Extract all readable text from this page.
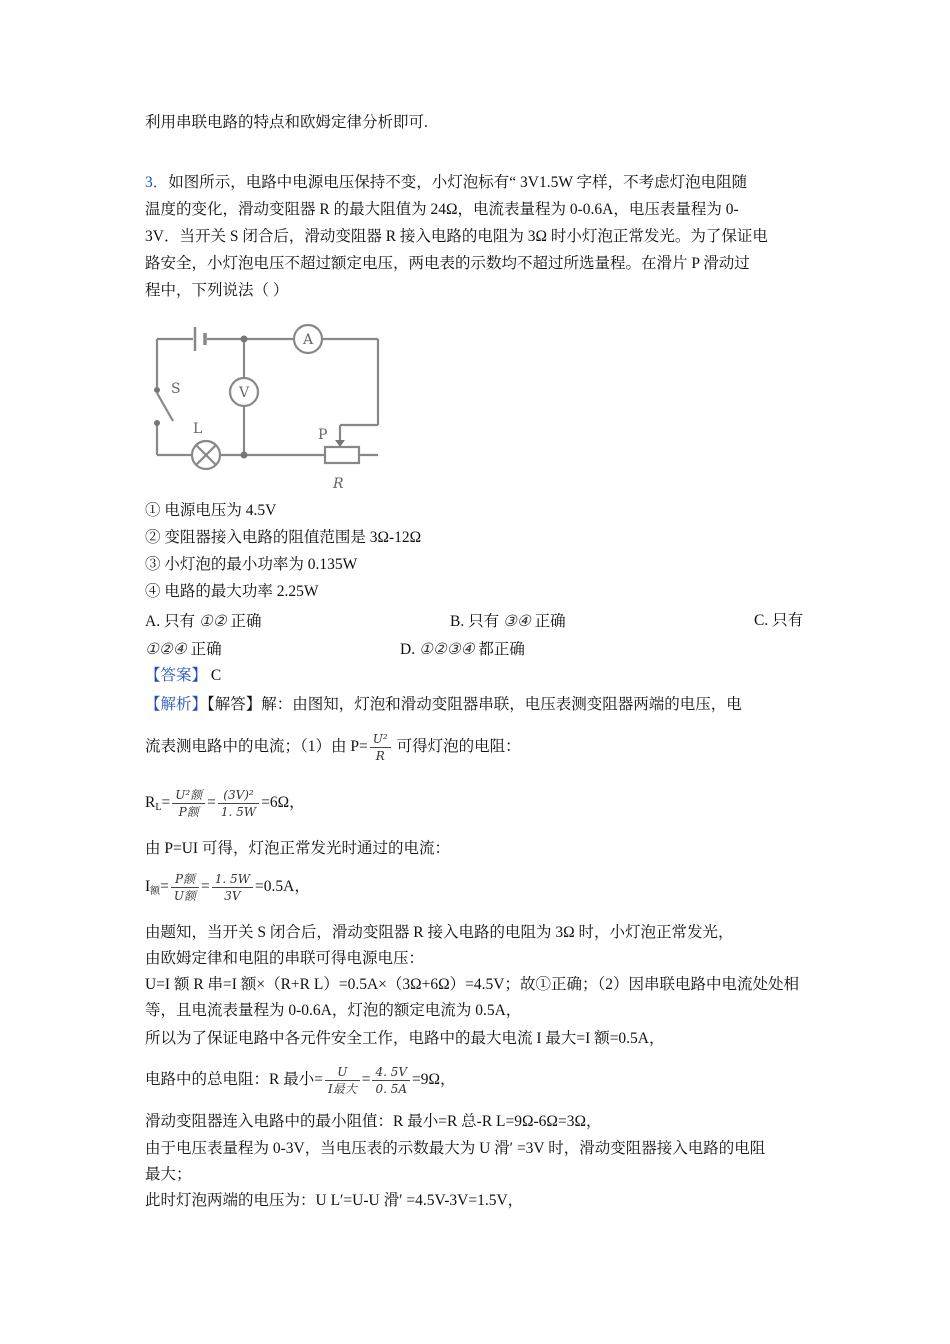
利用串联电路的特点和欧姆定律分析即可.
3．如图所示，电路中电源电压保持不变，小灯泡标有“ 3V1.5W 字样，不考虑灯泡电阻随
温度的变化，滑动变阻器 R 的最大阻值为 24Ω，电流表量程为 0-0.6A，电压表量程为 0-
3V．当开关 S 闭合后，滑动变阻器 R 接入电路的电阻为 3Ω 时小灯泡正常发光。为了保证电
路安全，小灯泡电压不超过额定电压，两电表的示数均不超过所选量程。在滑片 P 滑动过
程中，下列说法（ ）
A
V
S
L	P
R
① 电源电压为 4.5V
② 变阻器接入电路的阻值范围是 3Ω-12Ω
③ 小灯泡的最小功率为 0.135W
④ 电路的最大功率 2.25W
A. 只有 ①② 正确	B. 只有 ③④ 正确	C. 只有
①②④ 正确	D. ①②③④ 都正确
【答案】 C
【解析】【解答】解：由图知，灯泡和滑动变阻器串联，电压表测变阻器两端的电压，电
流表测电路中的电流；（1）由 $P= \frac{\text{U²}}{R}$ 可得灯泡的电阻：
$RL= \frac{\text{U²额}}{\text{P额}} = \frac{\text{(3V)²}}{1. 5W} =6\Omega$，
由 P=UI 可得，灯泡正常发光时通过的电流：
I额= $\frac{\text{P额}}{\text{U额}} = \frac{1. 5W}{3V} =0.5A$，
由题知，当开关 S 闭合后，滑动变阻器 R 接入电路的电阻为 3Ω 时，小灯泡正常发光，
由欧姆定律和电阻的串联可得电源电压：
U=I 额 R 串=I 额×（R+R L）=0.5A×（3Ω+6Ω）=4.5V；故①正确；（2）因串联电路中电流处处相
等，且电流表量程为 0-0.6A，灯泡的额定电流为 0.5A，
所以为了保证电路中各元件安全工作，电路中的最大电流 I 最大=I 额=0.5A，
电路中的总电阻：R 最小= $\frac{U}{\text{I最大}} = \frac{4. 5V}{0. 5A} =9\Omega$，
滑动变阻器连入电路中的最小阻值：R 最小=R 总-R L=9Ω-6Ω=3Ω，
由于电压表量程为 0-3V，当电压表的示数最大为 U 滑′ =3V 时，滑动变阻器接入电路的电阻
最大；
此时灯泡两端的电压为：U L′=U-U 滑′ =4.5V-3V=1.5V，
